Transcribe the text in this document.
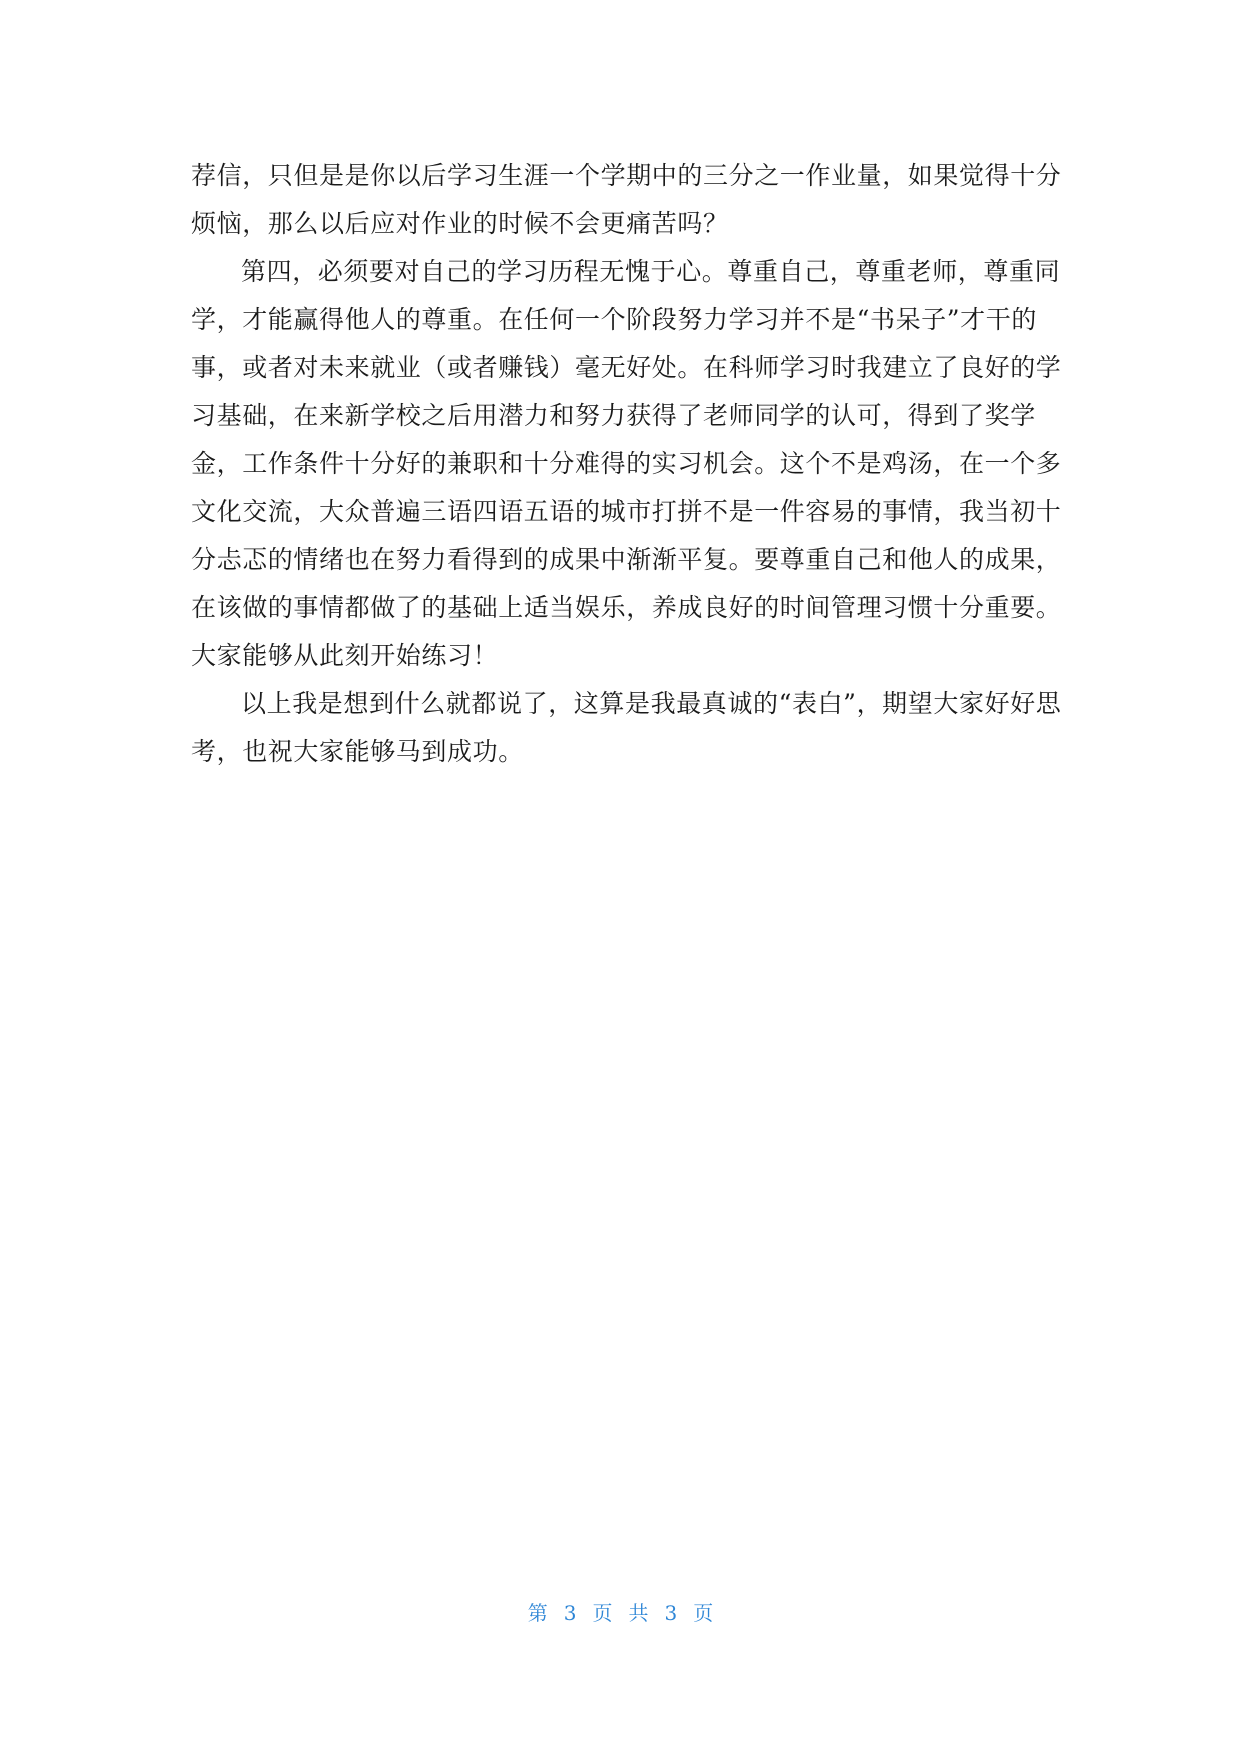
荐信，只但是是你以后学习生涯一个学期中的三分之一作业量，如果觉得十分
烦恼，那么以后应对作业的时候不会更痛苦吗？
第四，必须要对自己的学习历程无愧于心。尊重自己，尊重老师，尊重同
学，才能赢得他人的尊重。在任何一个阶段努力学习并不是“书呆子”才干的
事，或者对未来就业（或者赚钱）毫无好处。在科师学习时我建立了良好的学
习基础，在来新学校之后用潜力和努力获得了老师同学的认可，得到了奖学
金，工作条件十分好的兼职和十分难得的实习机会。这个不是鸡汤，在一个多
文化交流，大众普遍三语四语五语的城市打拼不是一件容易的事情，我当初十
分忐忑的情绪也在努力看得到的成果中渐渐平复。要尊重自己和他人的成果，
在该做的事情都做了的基础上适当娱乐，养成良好的时间管理习惯十分重要。
大家能够从此刻开始练习！
以上我是想到什么就都说了，这算是我最真诚的“表白”，期望大家好好思
考，也祝大家能够马到成功。
第 3 页 共 3 页
